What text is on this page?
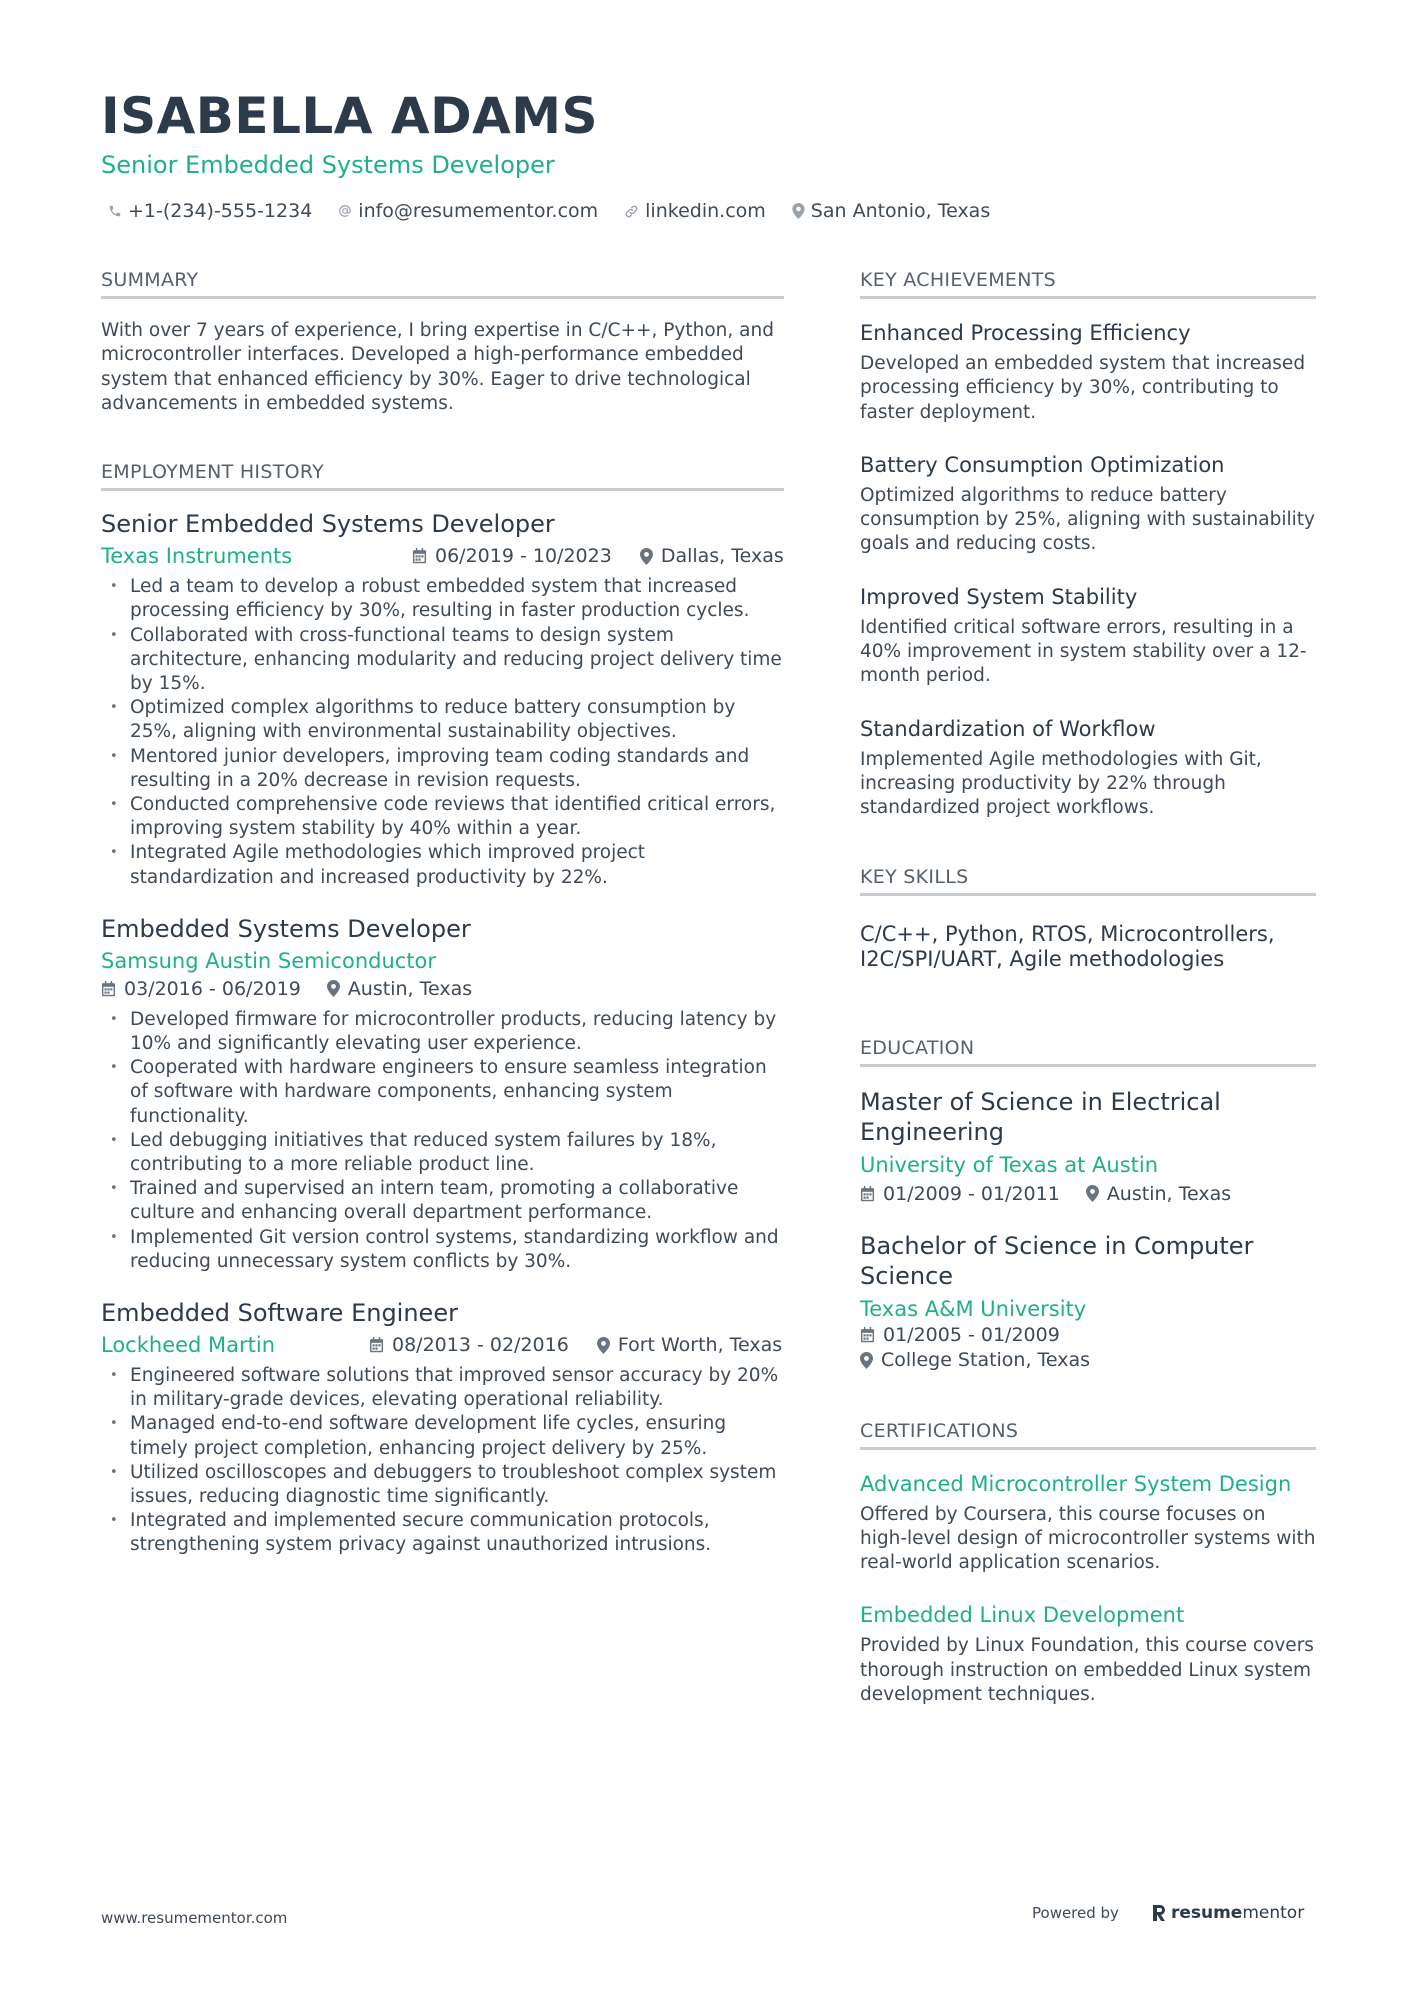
ISABELLA ADAMS
Senior Embedded Systems Developer
+1-(234)-555-1234 info@resumementor.com linkedin.com San Antonio, Texas
SUMMARY
With over 7 years of experience, I bring expertise in C/C++, Python, and microcontroller interfaces. Developed a high-performance embedded system that enhanced efficiency by 30%. Eager to drive technological advancements in embedded systems.
EMPLOYMENT HISTORY
Senior Embedded Systems Developer
Texas Instruments	06/2019 - 10/2023	Dallas, Texas
• Led a team to develop a robust embedded system that increased processing efficiency by 30%, resulting in faster production cycles.
• Collaborated with cross-functional teams to design system architecture, enhancing modularity and reducing project delivery time by 15%.
• Optimized complex algorithms to reduce battery consumption by 25%, aligning with environmental sustainability objectives.
• Mentored junior developers, improving team coding standards and resulting in a 20% decrease in revision requests.
• Conducted comprehensive code reviews that identified critical errors, improving system stability by 40% within a year.
• Integrated Agile methodologies which improved project standardization and increased productivity by 22%.
Embedded Systems Developer
Samsung Austin Semiconductor
03/2016 - 06/2019 Austin, Texas
• Developed firmware for microcontroller products, reducing latency by 10% and significantly elevating user experience.
• Cooperated with hardware engineers to ensure seamless integration of software with hardware components, enhancing system functionality.
• Led debugging initiatives that reduced system failures by 18%, contributing to a more reliable product line.
• Trained and supervised an intern team, promoting a collaborative culture and enhancing overall department performance.
• Implemented Git version control systems, standardizing workflow and reducing unnecessary system conflicts by 30%.
Embedded Software Engineer
Lockheed Martin	08/2013 - 02/2016	Fort Worth, Texas
• Engineered software solutions that improved sensor accuracy by 20% in military-grade devices, elevating operational reliability.
• Managed end-to-end software development life cycles, ensuring timely project completion, enhancing project delivery by 25%.
• Utilized oscilloscopes and debuggers to troubleshoot complex system issues, reducing diagnostic time significantly.
• Integrated and implemented secure communication protocols, strengthening system privacy against unauthorized intrusions.
KEY ACHIEVEMENTS
Enhanced Processing Efficiency
Developed an embedded system that increased processing efficiency by 30%, contributing to faster deployment.
Battery Consumption Optimization
Optimized algorithms to reduce battery consumption by 25%, aligning with sustainability goals and reducing costs.
Improved System Stability
Identified critical software errors, resulting in a 40% improvement in system stability over a 12-month period.
Standardization of Workflow
Implemented Agile methodologies with Git, increasing productivity by 22% through standardized project workflows.
KEY SKILLS
C/C++, Python, RTOS, Microcontrollers, I2C/SPI/UART, Agile methodologies
EDUCATION
Master of Science in Electrical Engineering
University of Texas at Austin
01/2009 - 01/2011 Austin, Texas
Bachelor of Science in Computer Science
Texas A&M University
01/2005 - 01/2009
College Station, Texas
CERTIFICATIONS
Advanced Microcontroller System Design
Offered by Coursera, this course focuses on high-level design of microcontroller systems with real-world application scenarios.
Embedded Linux Development
Provided by Linux Foundation, this course covers thorough instruction on embedded Linux system development techniques.
www.resumementor.com	Powered by	resume mentor
